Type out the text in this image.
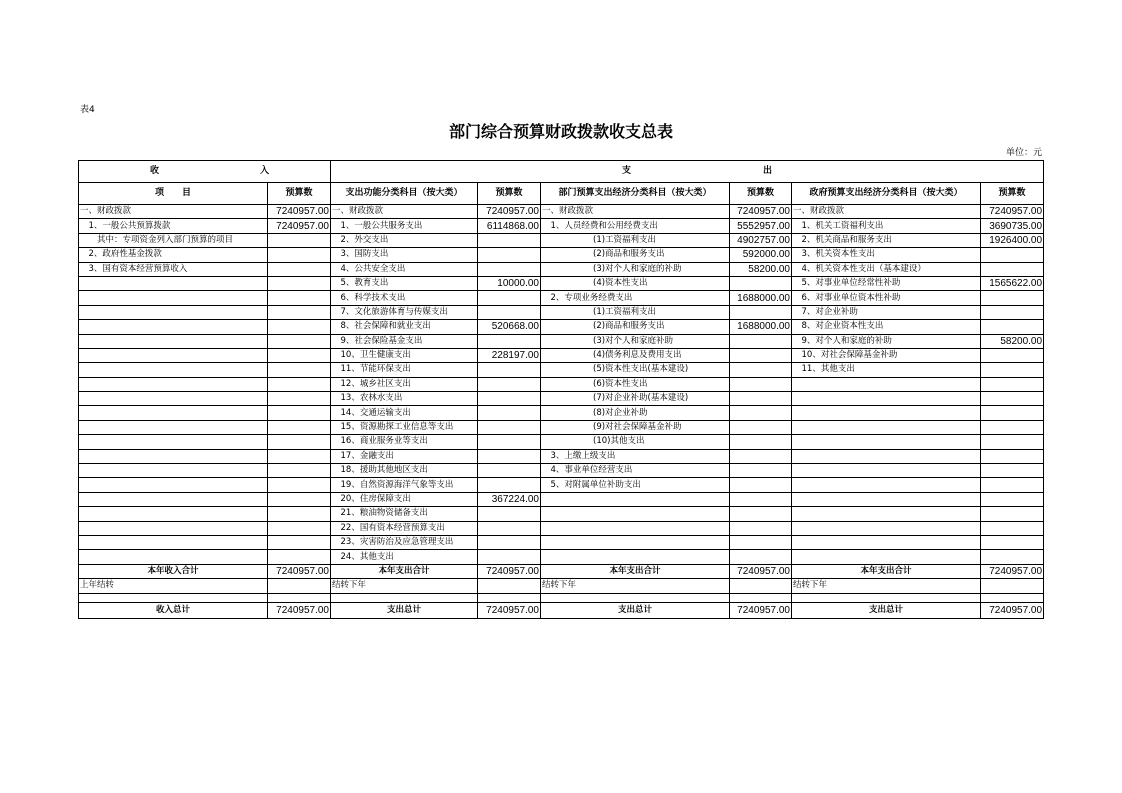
表4
部门综合预算财政拨款收支总表
单位：元
收 入		支 出					

项　　目	预算数	支出功能分类科目（按大类）	预算数	部门预算支出经济分类科目（按大类）	预算数	政府预算支出经济分类科目（按大类）	预算数
一、财政拨款	7240957.00	一、财政拨款	7240957.00	一、财政拨款	7240957.00	一、财政拨款	7240957.00
　1、一般公共预算拨款	7240957.00	　1、一般公共服务支出	6114868.00	　1、人员经费和公用经费支出	5552957.00	　1、机关工资福利支出	3690735.00
　　其中：专项资金列入部门预算的项目		　2、外交支出		　　　　　　(1)工资福利支出	4902757.00	　2、机关商品和服务支出	1926400.00
　2、政府性基金拨款		　3、国防支出		　　　　　　(2)商品和服务支出	592000.00	　3、机关资本性支出	
　3、国有资本经营预算收入		　4、公共安全支出		　　　　　　(3)对个人和家庭的补助	58200.00	　4、机关资本性支出（基本建设）	
		　5、教育支出	10000.00	　　　　　　(4)资本性支出		　5、对事业单位经常性补助	1565622.00
		　6、科学技术支出		　2、专项业务经费支出	1688000.00	　6、对事业单位资本性补助	
		　7、文化旅游体育与传媒支出		　　　　　　(1)工资福利支出		　7、对企业补助	
		　8、社会保障和就业支出	520668.00	　　　　　　(2)商品和服务支出	1688000.00	　8、对企业资本性支出	
		　9、社会保险基金支出		　　　　　　(3)对个人和家庭补助		　9、对个人和家庭的补助	58200.00
		　10、卫生健康支出	228197.00	　　　　　　(4)债务利息及费用支出		　10、对社会保障基金补助	
		　11、节能环保支出		　　　　　　(5)资本性支出(基本建设)		　11、其他支出	
		　12、城乡社区支出		　　　　　　(6)资本性支出			
		　13、农林水支出		　　　　　　(7)对企业补助(基本建设)			
		　14、交通运输支出		　　　　　　(8)对企业补助			
		　15、资源勘探工业信息等支出		　　　　　　(9)对社会保障基金补助			
		　16、商业服务业等支出		　　　　　　(10)其他支出			
		　17、金融支出		　3、上缴上级支出			
		　18、援助其他地区支出		　4、事业单位经营支出			
		　19、自然资源海洋气象等支出		　5、对附属单位补助支出			
		　20、住房保障支出	367224.00				
		　21、粮油物资储备支出					
		　22、国有资本经营预算支出					
		　23、灾害防治及应急管理支出					
		　24、其他支出					
本年收入合计	7240957.00	本年支出合计	7240957.00	本年支出合计	7240957.00	本年支出合计	7240957.00
上年结转		结转下年		结转下年		结转下年	

收入总计	7240957.00	支出总计	7240957.00	支出总计	7240957.00	支出总计	7240957.00
